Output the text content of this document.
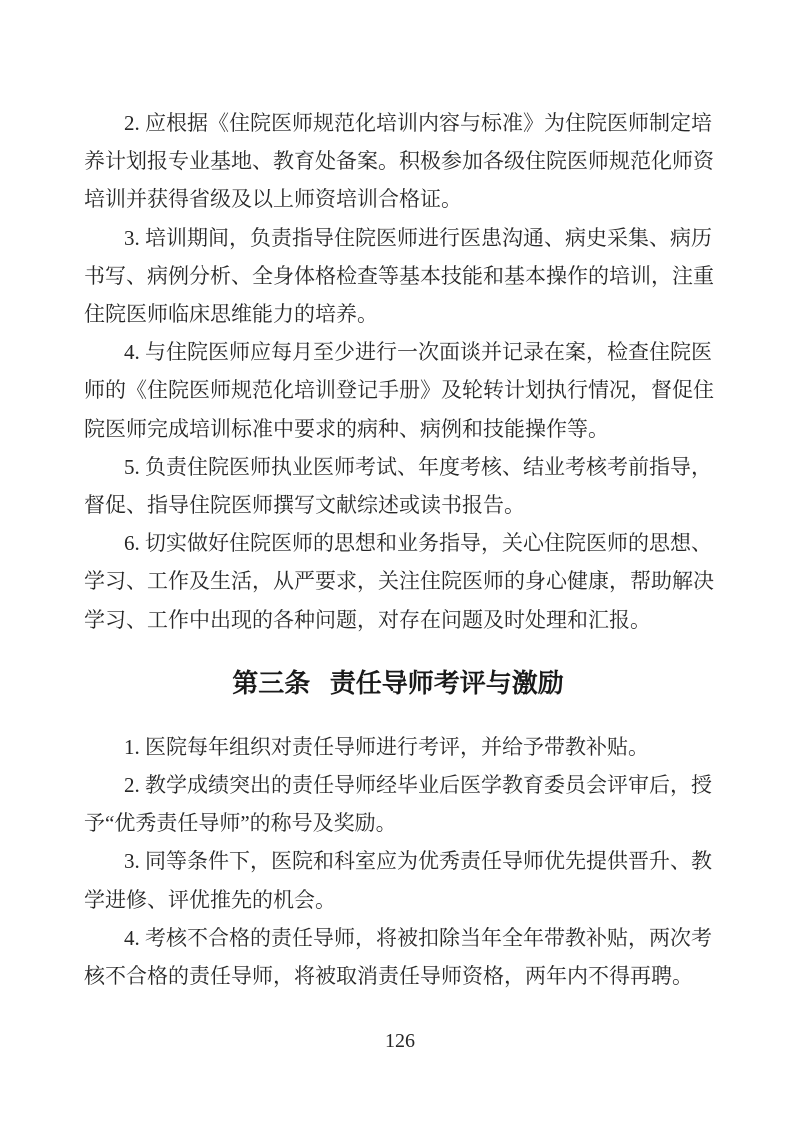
2. 应根据《住院医师规范化培训内容与标准》为住院医师制定培
养计划报专业基地、教育处备案。积极参加各级住院医师规范化师资
培训并获得省级及以上师资培训合格证。
3. 培训期间，负责指导住院医师进行医患沟通、病史采集、病历
书写、病例分析、全身体格检查等基本技能和基本操作的培训，注重
住院医师临床思维能力的培养。
4. 与住院医师应每月至少进行一次面谈并记录在案，检查住院医
师的《住院医师规范化培训登记手册》及轮转计划执行情况，督促住
院医师完成培训标准中要求的病种、病例和技能操作等。
5. 负责住院医师执业医师考试、年度考核、结业考核考前指导，
督促、指导住院医师撰写文献综述或读书报告。
6. 切实做好住院医师的思想和业务指导，关心住院医师的思想、
学习、工作及生活，从严要求，关注住院医师的身心健康，帮助解决
学习、工作中出现的各种问题，对存在问题及时处理和汇报。
第三条 责任导师考评与激励
1. 医院每年组织对责任导师进行考评，并给予带教补贴。
2. 教学成绩突出的责任导师经毕业后医学教育委员会评审后，授
予“优秀责任导师”的称号及奖励。
3. 同等条件下，医院和科室应为优秀责任导师优先提供晋升、教
学进修、评优推先的机会。
4. 考核不合格的责任导师，将被扣除当年全年带教补贴，两次考
核不合格的责任导师，将被取消责任导师资格，两年内不得再聘。
126
